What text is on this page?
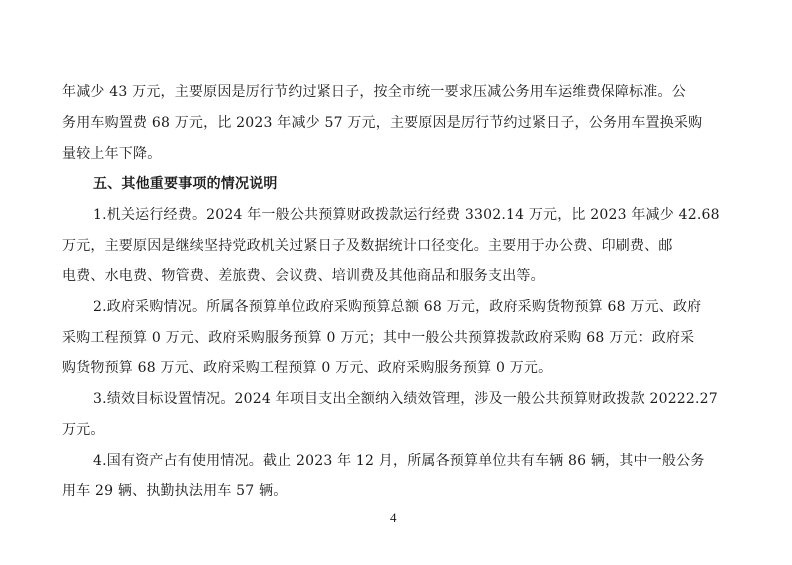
年减少 43 万元，主要原因是厉行节约过紧日子，按全市统一要求压减公务用车运维费保障标准。公
务用车购置费 68 万元，比 2023 年减少 57 万元，主要原因是厉行节约过紧日子，公务用车置换采购
量较上年下降。
五、其他重要事项的情况说明
1.机关运行经费。2024 年一般公共预算财政拨款运行经费 3302.14 万元，比 2023 年减少 42.68
万元，主要原因是继续坚持党政机关过紧日子及数据统计口径变化。主要用于办公费、印刷费、邮
电费、水电费、物管费、差旅费、会议费、培训费及其他商品和服务支出等。
2.政府采购情况。所属各预算单位政府采购预算总额 68 万元，政府采购货物预算 68 万元、政府
采购工程预算 0 万元、政府采购服务预算 0 万元；其中一般公共预算拨款政府采购 68 万元：政府采
购货物预算 68 万元、政府采购工程预算 0 万元、政府采购服务预算 0 万元。
3.绩效目标设置情况。2024 年项目支出全额纳入绩效管理，涉及一般公共预算财政拨款 20222.27
万元。
4.国有资产占有使用情况。截止 2023 年 12 月，所属各预算单位共有车辆 86 辆，其中一般公务
用车 29 辆、执勤执法用车 57 辆。
4
